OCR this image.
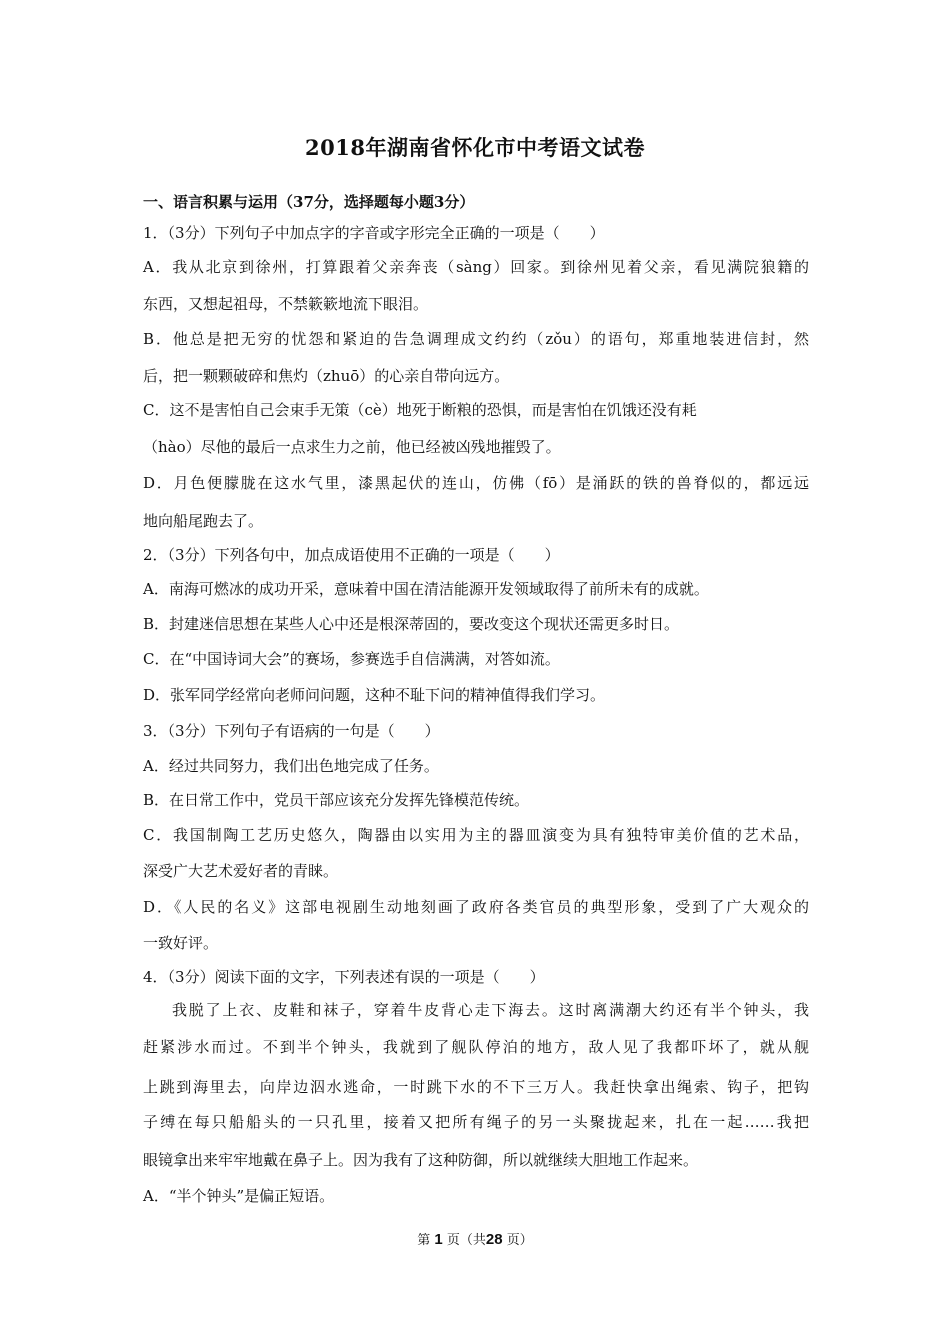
2018年湖南省怀化市中考语文试卷
一、语言积累与运用（37分，选择题每小题3分）
1．（3分）下列句子中加点字的字音或字形完全正确的一项是（　　）
A．我从北京到徐州，打算跟着父亲奔丧（sàng）回家。到徐州见着父亲，看见满院狼籍的
东西，又想起祖母，不禁簌簌地流下眼泪。
B．他总是把无穷的忧怨和紧迫的告急调理成文约约（zǒu）的语句，郑重地装进信封，然
后，把一颗颗破碎和焦灼（zhuō）的心亲自带向远方。
C．这不是害怕自己会束手无策（cè）地死于断粮的恐惧，而是害怕在饥饿还没有耗
（hào）尽他的最后一点求生力之前，他已经被凶残地摧毁了。
D．月色便朦胧在这水气里，漆黑起伏的连山，仿佛（fō）是涌跃的铁的兽脊似的，都远远
地向船尾跑去了。
2．（3分）下列各句中，加点成语使用不正确的一项是（　　）
A．南海可燃冰的成功开采，意味着中国在清洁能源开发领域取得了前所未有的成就。
B．封建迷信思想在某些人心中还是根深蒂固的，要改变这个现状还需更多时日。
C．在“中国诗词大会”的赛场，参赛选手自信满满，对答如流。
D．张军同学经常向老师问问题，这种不耻下问的精神值得我们学习。
3．（3分）下列句子有语病的一句是（　　）
A．经过共同努力，我们出色地完成了任务。
B．在日常工作中，党员干部应该充分发挥先锋模范传统。
C．我国制陶工艺历史悠久，陶器由以实用为主的器皿演变为具有独特审美价值的艺术品，
深受广大艺术爱好者的青睐。
D．《人民的名义》这部电视剧生动地刻画了政府各类官员的典型形象，受到了广大观众的
一致好评。
4．（3分）阅读下面的文字，下列表述有误的一项是（　　）
我脱了上衣、皮鞋和袜子，穿着牛皮背心走下海去。这时离满潮大约还有半个钟头，我
赶紧涉水而过。不到半个钟头，我就到了舰队停泊的地方，敌人见了我都吓坏了，就从舰
上跳到海里去，向岸边泅水逃命，一时跳下水的不下三万人。我赶快拿出绳索、钩子，把钩
子缚在每只船船头的一只孔里，接着又把所有绳子的另一头聚拢起来，扎在一起……我把
眼镜拿出来牢牢地戴在鼻子上。因为我有了这种防御，所以就继续大胆地工作起来。
A．“半个钟头”是偏正短语。
第 1 页（共28 页）
